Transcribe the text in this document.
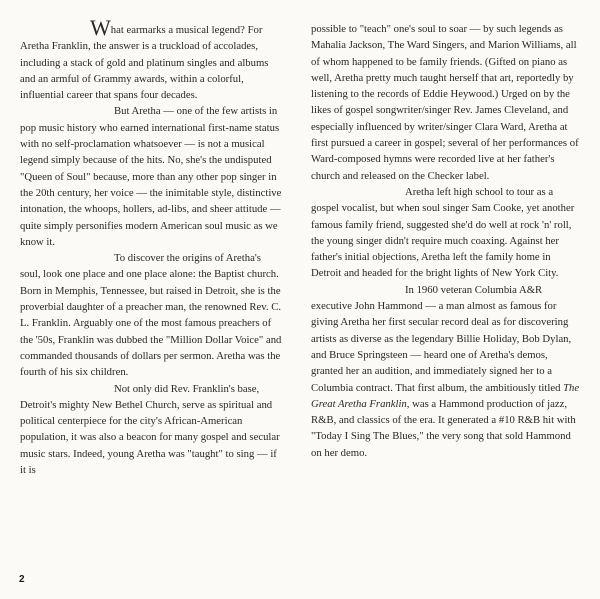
What earmarks a musical legend? For Aretha Franklin, the answer is a truckload of accolades, including a stack of gold and platinum singles and albums and an armful of Grammy awards, within a colorful, influential career that spans four decades.

But Aretha — one of the few artists in pop music history who earned international first-name status with no self-proclamation whatsoever — is not a musical legend simply because of the hits. No, she's the undisputed "Queen of Soul" because, more than any other pop singer in the 20th century, her voice — the inimitable style, distinctive intonation, the whoops, hollers, ad-libs, and sheer attitude — quite simply personifies modern American soul music as we know it.

To discover the origins of Aretha's soul, look one place and one place alone: the Baptist church. Born in Memphis, Tennessee, but raised in Detroit, she is the proverbial daughter of a preacher man, the renowned Rev. C. L. Franklin. Arguably one of the most famous preachers of the '50s, Franklin was dubbed the "Million Dollar Voice" and commanded thousands of dollars per sermon. Aretha was the fourth of his six children.

Not only did Rev. Franklin's base, Detroit's mighty New Bethel Church, serve as spiritual and political centerpiece for the city's African-American population, it was also a beacon for many gospel and secular music stars. Indeed, young Aretha was "taught" to sing — if it is

possible to "teach" one's soul to soar — by such legends as Mahalia Jackson, The Ward Singers, and Marion Williams, all of whom happened to be family friends. (Gifted on piano as well, Aretha pretty much taught herself that art, reportedly by listening to the records of Eddie Heywood.) Urged on by the likes of gospel songwriter/singer Rev. James Cleveland, and especially influenced by writer/singer Clara Ward, Aretha at first pursued a career in gospel; several of her performances of Ward-composed hymns were recorded live at her father's church and released on the Checker label.

Aretha left high school to tour as a gospel vocalist, but when soul singer Sam Cooke, yet another famous family friend, suggested she'd do well at rock 'n' roll, the young singer didn't require much coaxing. Against her father's initial objections, Aretha left the family home in Detroit and headed for the bright lights of New York City.

In 1960 veteran Columbia A&R executive John Hammond — a man almost as famous for giving Aretha her first secular record deal as for discovering artists as diverse as the legendary Billie Holiday, Bob Dylan, and Bruce Springsteen — heard one of Aretha's demos, granted her an audition, and immediately signed her to a Columbia contract. That first album, the ambitiously titled The Great Aretha Franklin, was a Hammond production of jazz, R&B, and classics of the era. It generated a #10 R&B hit with "Today I Sing The Blues," the very song that sold Hammond on her demo.

2
